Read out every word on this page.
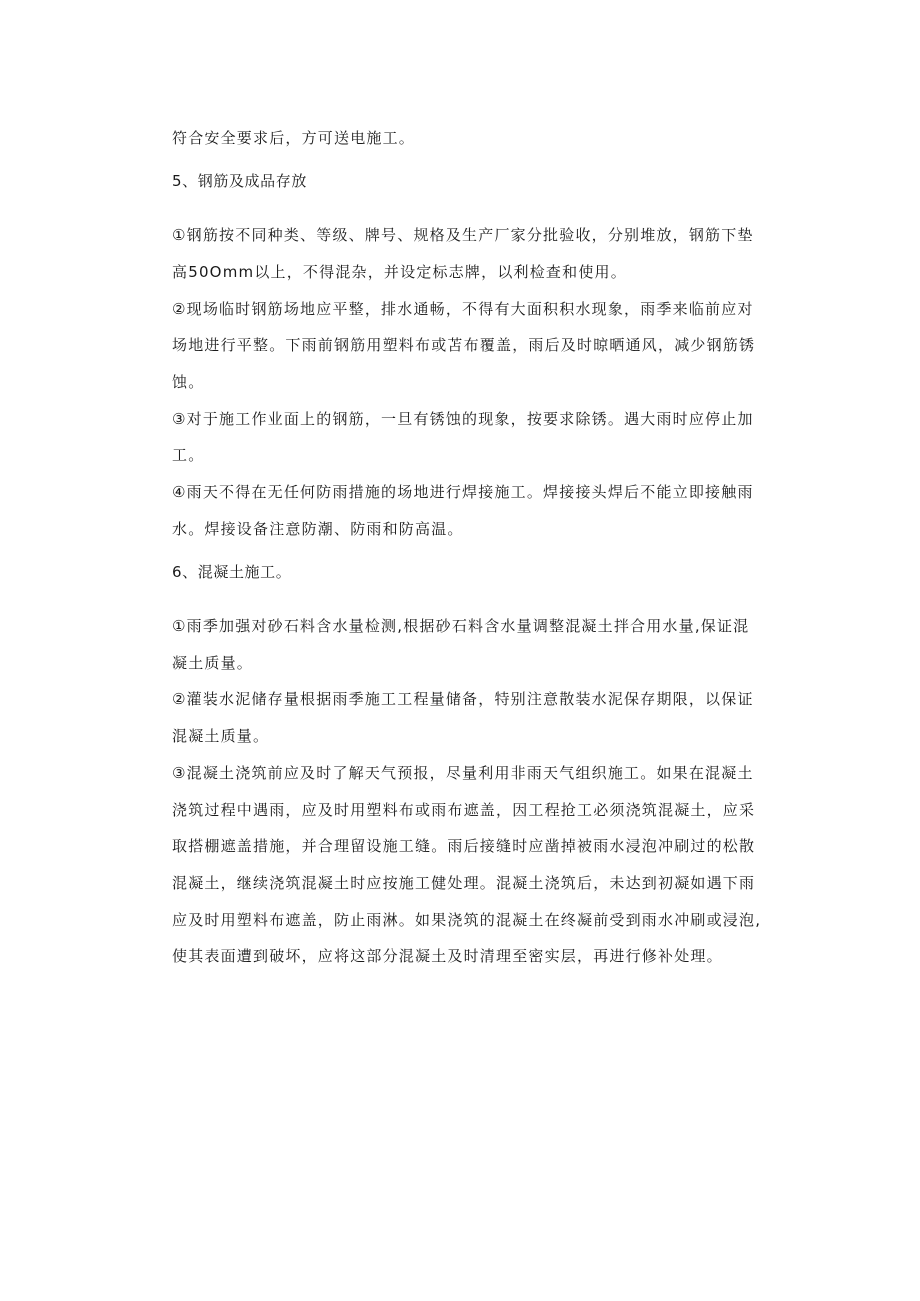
符合安全要求后，方可送电施工。
5、钢筋及成品存放
①钢筋按不同种类、等级、牌号、规格及生产厂家分批验收，分别堆放，钢筋下垫
高50Omm以上，不得混杂，并设定标志牌，以利检查和使用。
②现场临时钢筋场地应平整，排水通畅，不得有大面积积水现象，雨季来临前应对
场地进行平整。下雨前钢筋用塑料布或苫布覆盖，雨后及时晾晒通风，减少钢筋锈
蚀。
③对于施工作业面上的钢筋，一旦有锈蚀的现象，按要求除锈。遇大雨时应停止加
工。
④雨天不得在无任何防雨措施的场地进行焊接施工。焊接接头焊后不能立即接触雨
水。焊接设备注意防潮、防雨和防高温。
6、混凝土施工。
①雨季加强对砂石料含水量检测,根据砂石料含水量调整混凝土拌合用水量,保证混
凝土质量。
②灌装水泥储存量根据雨季施工工程量储备，特别注意散装水泥保存期限，以保证
混凝土质量。
③混凝土浇筑前应及时了解天气预报，尽量利用非雨天气组织施工。如果在混凝土
浇筑过程中遇雨，应及时用塑料布或雨布遮盖，因工程抢工必须浇筑混凝土，应采
取搭棚遮盖措施，并合理留设施工缝。雨后接缝时应凿掉被雨水浸泡冲刷过的松散
混凝土，继续浇筑混凝土时应按施工健处理。混凝土浇筑后，未达到初凝如遇下雨
应及时用塑料布遮盖，防止雨淋。如果浇筑的混凝土在终凝前受到雨水冲刷或浸泡,
使其表面遭到破坏，应将这部分混凝土及时清理至密实层，再进行修补处理。
